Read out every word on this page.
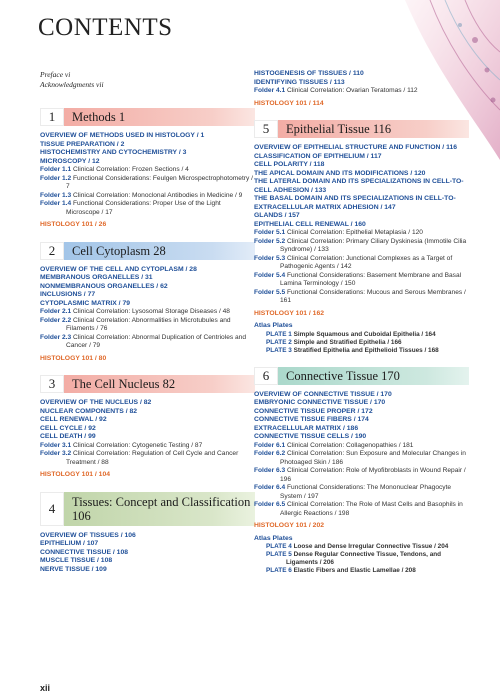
CONTENTS
Preface vi
Acknowledgments vii
1	Methods 1
OVERVIEW OF METHODS USED IN HISTOLOGY / 1
TISSUE PREPARATION / 2
HISTOCHEMISTRY AND CYTOCHEMISTRY / 3
MICROSCOPY / 12
Folder 1.1 Clinical Correlation: Frozen Sections / 4
Folder 1.2 Functional Considerations: Feulgen Microspectrophotometry / 7
Folder 1.3 Clinical Correlation: Monoclonal Antibodies in Medicine / 9
Folder 1.4 Functional Considerations: Proper Use of the Light Microscope / 17
HISTOLOGY 101 / 26
2	Cell Cytoplasm 28
OVERVIEW OF THE CELL AND CYTOPLASM / 28
MEMBRANOUS ORGANELLES / 31
NONMEMBRANOUS ORGANELLES / 62
INCLUSIONS / 77
CYTOPLASMIC MATRIX / 79
Folder 2.1 Clinical Correlation: Lysosomal Storage Diseases / 48
Folder 2.2 Clinical Correlation: Abnormalities in Microtubules and Filaments / 76
Folder 2.3 Clinical Correlation: Abnormal Duplication of Centrioles and Cancer / 79
HISTOLOGY 101 / 80
3	The Cell Nucleus 82
OVERVIEW OF THE NUCLEUS / 82
NUCLEAR COMPONENTS / 82
CELL RENEWAL / 92
CELL CYCLE / 92
CELL DEATH / 99
Folder 3.1 Clinical Correlation: Cytogenetic Testing / 87
Folder 3.2 Clinical Correlation: Regulation of Cell Cycle and Cancer Treatment / 88
HISTOLOGY 101 / 104
4	Tissues: Concept and Classification 106
OVERVIEW OF TISSUES / 106
EPITHELIUM / 107
CONNECTIVE TISSUE / 108
MUSCLE TISSUE / 108
NERVE TISSUE / 109
HISTOGENESIS OF TISSUES / 110
IDENTIFYING TISSUES / 113
Folder 4.1 Clinical Correlation: Ovarian Teratomas / 112
HISTOLOGY 101 / 114
5	Epithelial Tissue 116
OVERVIEW OF EPITHELIAL STRUCTURE AND FUNCTION / 116
CLASSIFICATION OF EPITHELIUM / 117
CELL POLARITY / 118
THE APICAL DOMAIN AND ITS MODIFICATIONS / 120
THE LATERAL DOMAIN AND ITS SPECIALIZATIONS IN CELL-TO-CELL ADHESION / 133
THE BASAL DOMAIN AND ITS SPECIALIZATIONS IN CELL-TO-EXTRACELLULAR MATRIX ADHESION / 147
GLANDS / 157
EPITHELIAL CELL RENEWAL / 160
Folder 5.1 Clinical Correlation: Epithelial Metaplasia / 120
Folder 5.2 Clinical Correlation: Primary Ciliary Dyskinesia (Immotile Cilia Syndrome) / 133
Folder 5.3 Clinical Correlation: Junctional Complexes as a Target of Pathogenic Agents / 142
Folder 5.4 Functional Considerations: Basement Membrane and Basal Lamina Terminology / 150
Folder 5.5 Functional Considerations: Mucous and Serous Membranes / 161
HISTOLOGY 101 / 162
Atlas Plates
PLATE 1 Simple Squamous and Cuboidal Epithelia / 164
PLATE 2 Simple and Stratified Epithelia / 166
PLATE 3 Stratified Epithelia and Epithelioid Tissues / 168
6	Connective Tissue 170
OVERVIEW OF CONNECTIVE TISSUE / 170
EMBRYONIC CONNECTIVE TISSUE / 170
CONNECTIVE TISSUE PROPER / 172
CONNECTIVE TISSUE FIBERS / 174
EXTRACELLULAR MATRIX / 186
CONNECTIVE TISSUE CELLS / 190
Folder 6.1 Clinical Correlation: Collagenopathies / 181
Folder 6.2 Clinical Correlation: Sun Exposure and Molecular Changes in Photoaged Skin / 186
Folder 6.3 Clinical Correlation: Role of Myofibroblasts in Wound Repair / 196
Folder 6.4 Functional Considerations: The Mononuclear Phagocyte System / 197
Folder 6.5 Clinical Correlation: The Role of Mast Cells and Basophils in Allergic Reactions / 198
HISTOLOGY 101 / 202
Atlas Plates
PLATE 4 Loose and Dense Irregular Connective Tissue / 204
PLATE 5 Dense Regular Connective Tissue, Tendons, and Ligaments / 206
PLATE 6 Elastic Fibers and Elastic Lamellae / 208
xii
